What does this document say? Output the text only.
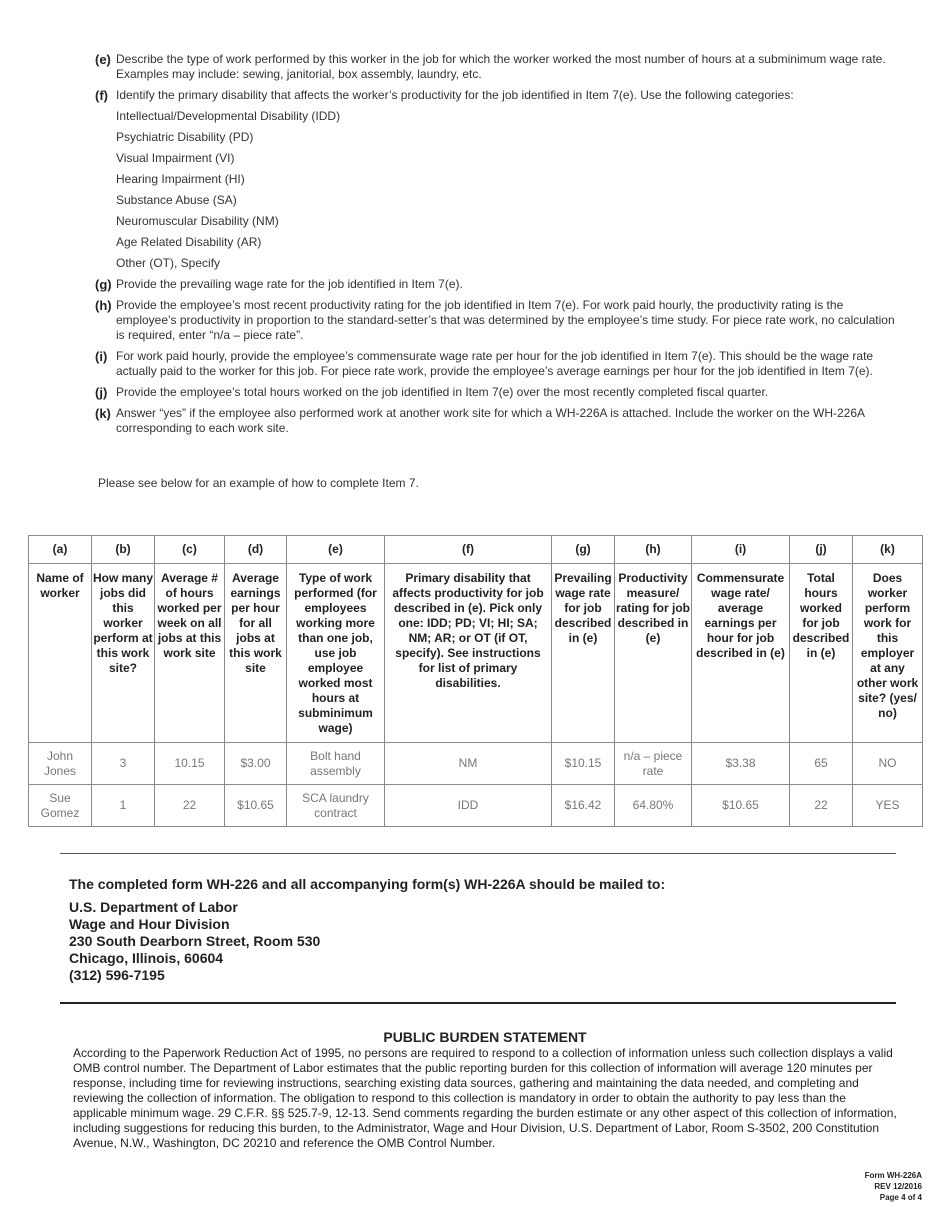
(e) Describe the type of work performed by this worker in the job for which the worker worked the most number of hours at a subminimum wage rate. Examples may include: sewing, janitorial, box assembly, laundry, etc.
(f) Identify the primary disability that affects the worker’s productivity for the job identified in Item 7(e). Use the following categories:
Intellectual/Developmental Disability (IDD)
Psychiatric Disability (PD)
Visual Impairment (VI)
Hearing Impairment (HI)
Substance Abuse (SA)
Neuromuscular Disability (NM)
Age Related Disability (AR)
Other (OT), Specify
(g) Provide the prevailing wage rate for the job identified in Item 7(e).
(h) Provide the employee’s most recent productivity rating for the job identified in Item 7(e). For work paid hourly, the productivity rating is the employee’s productivity in proportion to the standard-setter’s that was determined by the employee’s time study. For piece rate work, no calculation is required, enter “n/a – piece rate”.
(i) For work paid hourly, provide the employee’s commensurate wage rate per hour for the job identified in Item 7(e). This should be the wage rate actually paid to the worker for this job. For piece rate work, provide the employee’s average earnings per hour for the job identified in Item 7(e).
(j) Provide the employee’s total hours worked on the job identified in Item 7(e) over the most recently completed fiscal quarter.
(k) Answer “yes” if the employee also performed work at another work site for which a WH-226A is attached. Include the worker on the WH-226A corresponding to each work site.
Please see below for an example of how to complete Item 7.
(a)	(b)	(c)	(d)	(e)	(f)	(g)	(h)	(i)	(j)	(k)
Name of worker	How many jobs did this worker perform at this work site?	Average # of hours worked per week on all jobs at this work site	Average earnings per hour for all jobs at this work site	Type of work performed (for employees working more than one job, use job employee worked most hours at subminimum wage)	Primary disability that affects productivity for job described in (e). Pick only one: IDD; PD; VI; HI; SA; NM; AR; or OT (if OT, specify). See instructions for list of primary disabilities.	Prevailing wage rate for job described in (e)	Productivity measure/ rating for job described in (e)	Commensurate wage rate/ average earnings per hour for job described in (e)	Total hours worked for job described in (e)	Does worker perform work for this employer at any other work site? (yes/ no)
John Jones	3	10.15	$3.00	Bolt hand assembly	NM	$10.15	n/a – piece rate	$3.38	65	NO
Sue Gomez	1	22	$10.65	SCA laundry contract	IDD	$16.42	64.80%	$10.65	22	YES
The completed form WH-226 and all accompanying form(s) WH-226A should be mailed to:
U.S. Department of Labor
Wage and Hour Division
230 South Dearborn Street, Room 530
Chicago, Illinois, 60604
(312) 596-7195
PUBLIC BURDEN STATEMENT
According to the Paperwork Reduction Act of 1995, no persons are required to respond to a collection of information unless such collection displays a valid OMB control number. The Department of Labor estimates that the public reporting burden for this collection of information will average 120 minutes per response, including time for reviewing instructions, searching existing data sources, gathering and maintaining the data needed, and completing and reviewing the collection of information. The obligation to respond to this collection is mandatory in order to obtain the authority to pay less than the applicable minimum wage. 29 C.F.R. §§ 525.7-9, 12-13. Send comments regarding the burden estimate or any other aspect of this collection of information, including suggestions for reducing this burden, to the Administrator, Wage and Hour Division, U.S. Department of Labor, Room S-3502, 200 Constitution Avenue, N.W., Washington, DC 20210 and reference the OMB Control Number.
Form WH-226A
REV 12/2016
Page 4 of 4
